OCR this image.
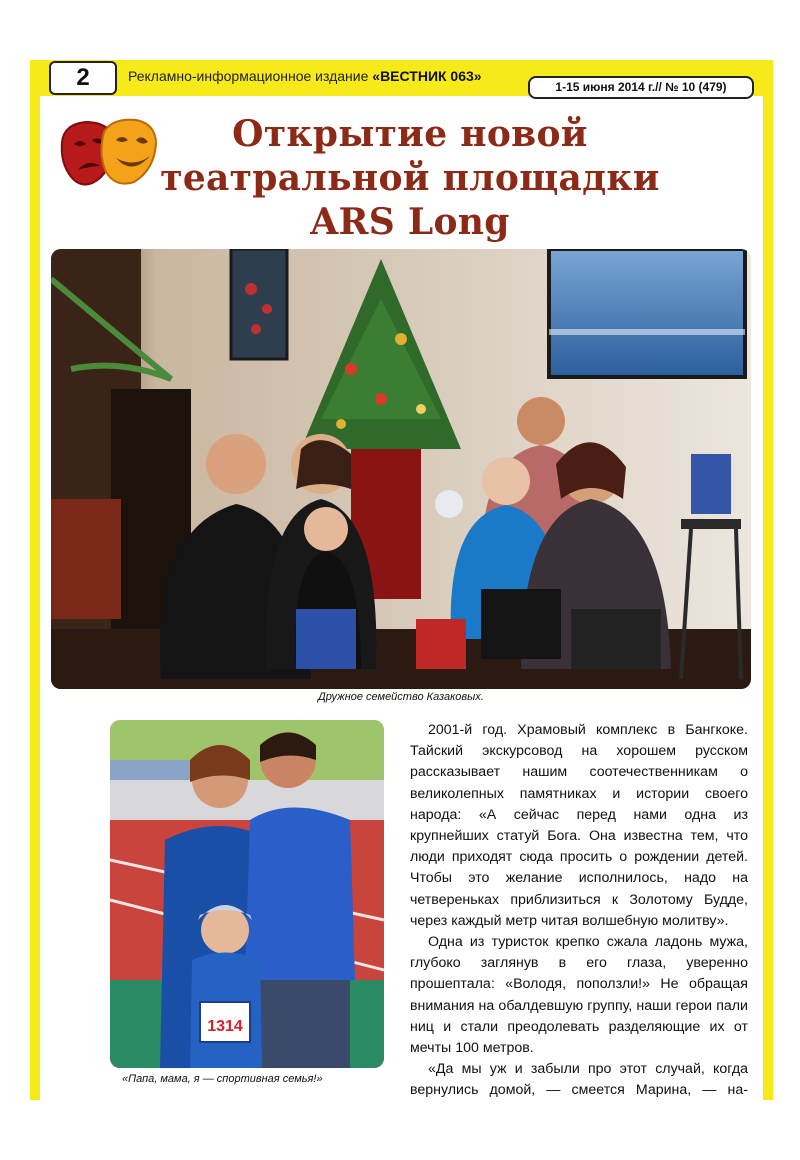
2	Рекламно-информационное издание «ВЕСТНИК 063»
1-15 июня 2014 г.// № 10 (479)
Открытие новой
театральной площадки
ARS Long
Дружное семейство Казаковых.
1314
«Папа, мама, я — спортивная семья!»

2001-й год. Храмовый комплекс в Бангкоке. Тайский экскурсовод на хорошем русском рассказывает нашим соотечественникам о великолепных памятниках и истории своего народа: «А сейчас перед нами одна из крупнейших статуй Бога. Она известна тем, что люди приходят сюда просить о рождении детей. Чтобы это желание исполнилось, надо на четвереньках приблизиться к Золотому Будде, через каждый метр читая волшебную молитву».

Одна из туристок крепко сжала ладонь мужа, глубоко заглянув в его глаза, уверенно прошептала: «Володя, поползли!» Не обращая внимания на обалдевшую группу, наши герои пали ниц и стали преодолевать разделяющие их от мечты 100 метров.

«Да мы уж и забыли про этот случай, когда вернулись домой, — смеется Марина, — на-
